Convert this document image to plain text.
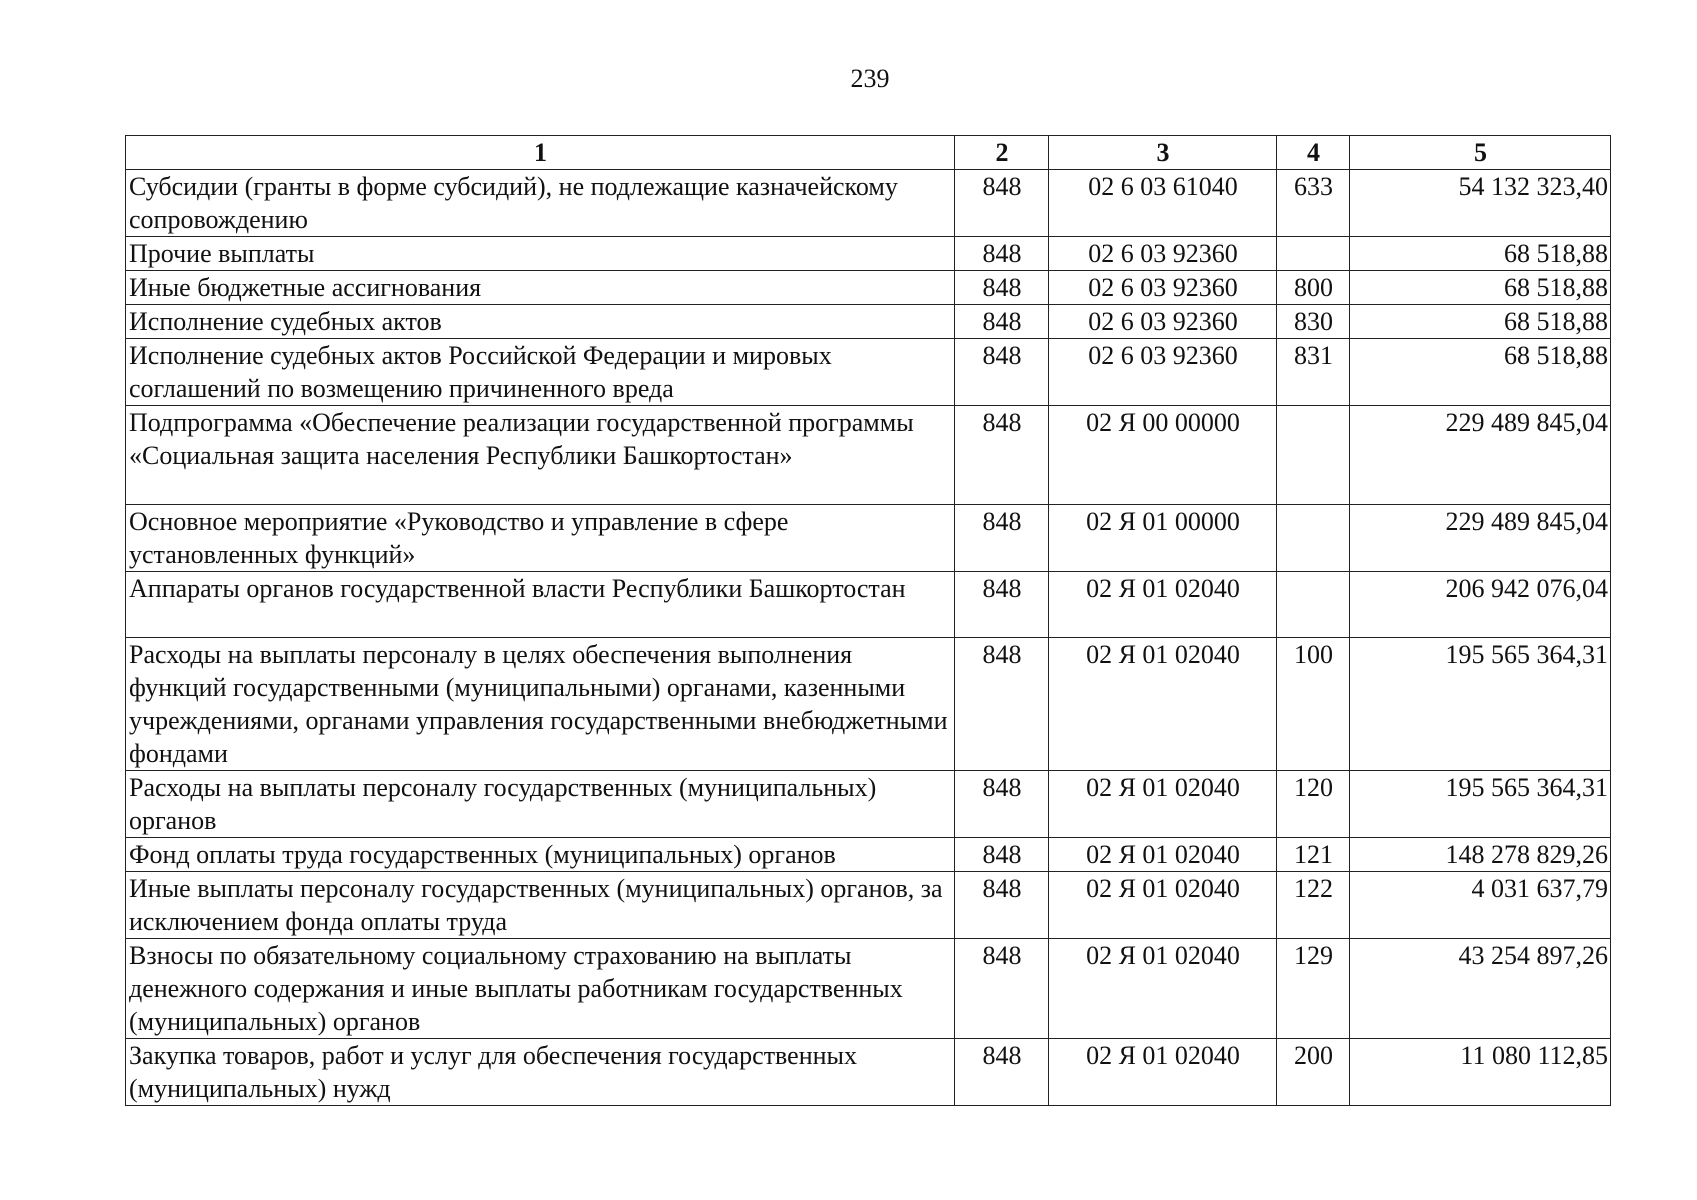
239
1	2	3	4	5
Субсидии (гранты в форме субсидий), не подлежащие казначейскому сопровождению	848	02 6 03 61040	633	54 132 323,40
Прочие выплаты	848	02 6 03 92360		68 518,88
Иные бюджетные ассигнования	848	02 6 03 92360	800	68 518,88
Исполнение судебных актов	848	02 6 03 92360	830	68 518,88
Исполнение судебных актов Российской Федерации и мировых соглашений по возмещению причиненного вреда	848	02 6 03 92360	831	68 518,88
Подпрограмма «Обеспечение реализации государственной программы «Социальная защита населения Республики Башкортостан»	848	02 Я 00 00000		229 489 845,04
Основное мероприятие «Руководство и управление в сфере установленных функций»	848	02 Я 01 00000		229 489 845,04
Аппараты органов государственной власти Республики Башкортостан	848	02 Я 01 02040		206 942 076,04
Расходы на выплаты персоналу в целях обеспечения выполнения функций государственными (муниципальными) органами, казенными учреждениями, органами управления государственными внебюджетными фондами	848	02 Я 01 02040	100	195 565 364,31
Расходы на выплаты персоналу государственных (муниципальных) органов	848	02 Я 01 02040	120	195 565 364,31
Фонд оплаты труда государственных (муниципальных) органов	848	02 Я 01 02040	121	148 278 829,26
Иные выплаты персоналу государственных (муниципальных) органов, за исключением фонда оплаты труда	848	02 Я 01 02040	122	4 031 637,79
Взносы по обязательному социальному страхованию на выплаты денежного содержания и иные выплаты работникам государственных (муниципальных) органов	848	02 Я 01 02040	129	43 254 897,26
Закупка товаров, работ и услуг для обеспечения государственных (муниципальных) нужд	848	02 Я 01 02040	200	11 080 112,85
